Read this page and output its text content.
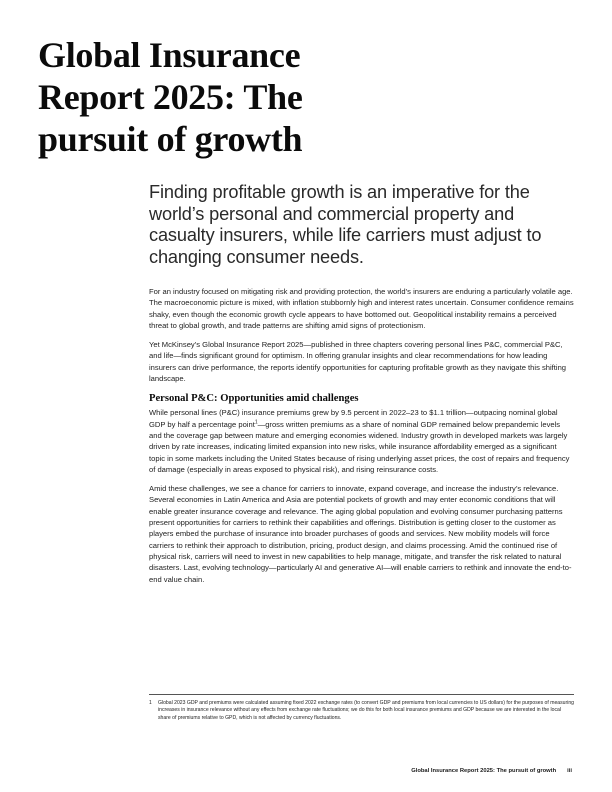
Global Insurance Report 2025: The pursuit of growth

Finding profitable growth is an imperative for the world’s personal and commercial property and casualty insurers, while life carriers must adjust to changing consumer needs.

For an industry focused on mitigating risk and providing protection, the world’s insurers are enduring a particularly volatile age. The macroeconomic picture is mixed, with inflation stubbornly high and interest rates uncertain. Consumer confidence remains shaky, even though the economic growth cycle appears to have bottomed out. Geopolitical instability remains a perceived threat to global growth, and trade patterns are shifting amid signs of protectionism.

Yet McKinsey’s Global Insurance Report 2025—published in three chapters covering personal lines P&C, commercial P&C, and life—finds significant ground for optimism. In offering granular insights and clear recommendations for how leading insurers can drive performance, the reports identify opportunities for capturing profitable growth as they navigate this shifting landscape.

Personal P&C: Opportunities amid challenges

While personal lines (P&C) insurance premiums grew by 9.5 percent in 2022–23 to $1.1 trillion—outpacing nominal global GDP by half a percentage point$^1$—gross written premiums as a share of nominal GDP remained below prepandemic levels and the coverage gap between mature and emerging economies widened. Industry growth in developed markets was largely driven by rate increases, indicating limited expansion into new risks, while insurance affordability emerged as a significant topic in some markets including the United States because of rising underlying asset prices, the cost of repairs and frequency of damage (especially in areas exposed to physical risk), and rising reinsurance costs.

Amid these challenges, we see a chance for carriers to innovate, expand coverage, and increase the industry’s relevance. Several economies in Latin America and Asia are potential pockets of growth and may enter economic conditions that will enable greater insurance coverage and relevance. The aging global population and evolving consumer purchasing patterns present opportunities for carriers to rethink their capabilities and offerings. Distribution is getting closer to the customer as players embed the purchase of insurance into broader purchases of goods and services. New mobility models will force carriers to rethink their approach to distribution, pricing, product design, and claims processing. Amid the continued rise of physical risk, carriers will need to invest in new capabilities to help manage, mitigate, and transfer the risk related to natural disasters. Last, evolving technology—particularly AI and generative AI—will enable carriers to rethink and innovate the end-to-end value chain.

1	Global 2023 GDP and premiums were calculated assuming fixed 2022 exchange rates (to convert GDP and premiums from local currencies to US dollars) for the purposes of measuring increases in insurance relevance without any effects from exchange rate fluctuations; we do this for both local insurance premiums and GDP because we are interested in the local share of premiums relative to GPD, which is not affected by currency fluctuations.
Global Insurance Report 2025: The pursuit of growth iii
